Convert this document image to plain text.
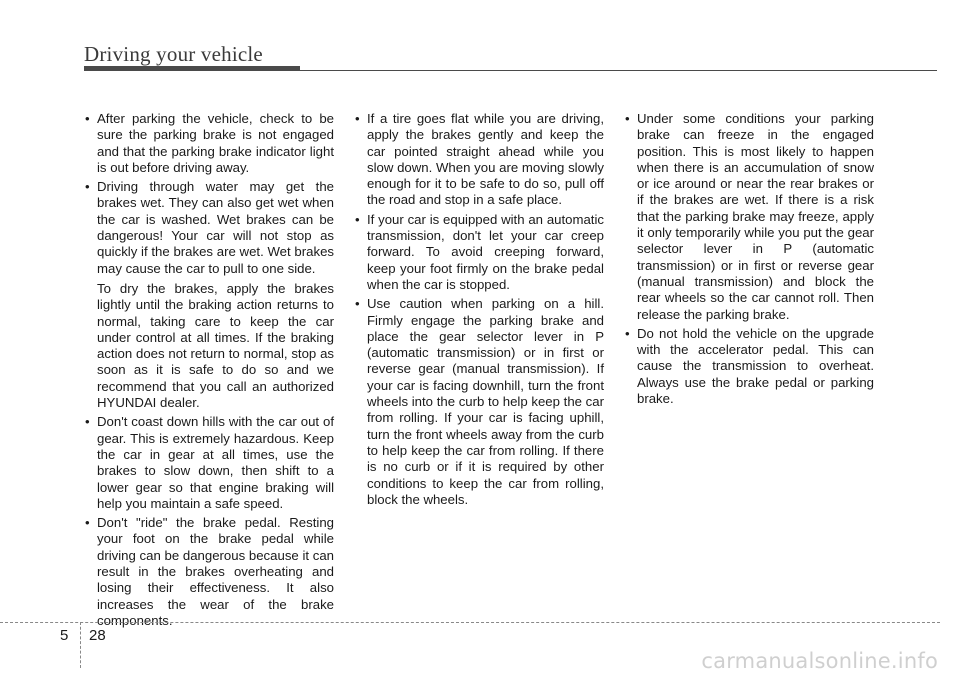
Driving your vehicle

• After parking the vehicle, check to be sure the parking brake is not engaged and that the parking brake indicator light is out before driving away.

• Driving through water may get the brakes wet. They can also get wet when the car is washed. Wet brakes can be dangerous! Your car will not stop as quickly if the brakes are wet. Wet brakes may cause the car to pull to one side.

To dry the brakes, apply the brakes lightly until the braking action returns to normal, taking care to keep the car under control at all times. If the braking action does not return to normal, stop as soon as it is safe to do so and we recommend that you call an authorized HYUNDAI dealer.

• Don't coast down hills with the car out of gear. This is extremely hazardous. Keep the car in gear at all times, use the brakes to slow down, then shift to a lower gear so that engine braking will help you maintain a safe speed.

• Don't "ride" the brake pedal. Resting your foot on the brake pedal while driving can be dangerous because it can result in the brakes overheating and losing their effectiveness. It also increases the wear of the brake components.

• If a tire goes flat while you are driving, apply the brakes gently and keep the car pointed straight ahead while you slow down. When you are moving slowly enough for it to be safe to do so, pull off the road and stop in a safe place.

• If your car is equipped with an automatic transmission, don't let your car creep forward. To avoid creeping forward, keep your foot firmly on the brake pedal when the car is stopped.

• Use caution when parking on a hill. Firmly engage the parking brake and place the gear selector lever in P (automatic transmission) or in first or reverse gear (manual transmission). If your car is facing downhill, turn the front wheels into the curb to help keep the car from rolling. If your car is facing uphill, turn the front wheels away from the curb to help keep the car from rolling. If there is no curb or if it is required by other conditions to keep the car from rolling, block the wheels.

• Under some conditions your parking brake can freeze in the engaged position. This is most likely to happen when there is an accumulation of snow or ice around or near the rear brakes or if the brakes are wet. If there is a risk that the parking brake may freeze, apply it only temporarily while you put the gear selector lever in P (automatic transmission) or in first or reverse gear (manual transmission) and block the rear wheels so the car cannot roll. Then release the parking brake.

• Do not hold the vehicle on the upgrade with the accelerator pedal. This can cause the transmission to overheat. Always use the brake pedal or parking brake.

5 28
carmanualsonline.info
